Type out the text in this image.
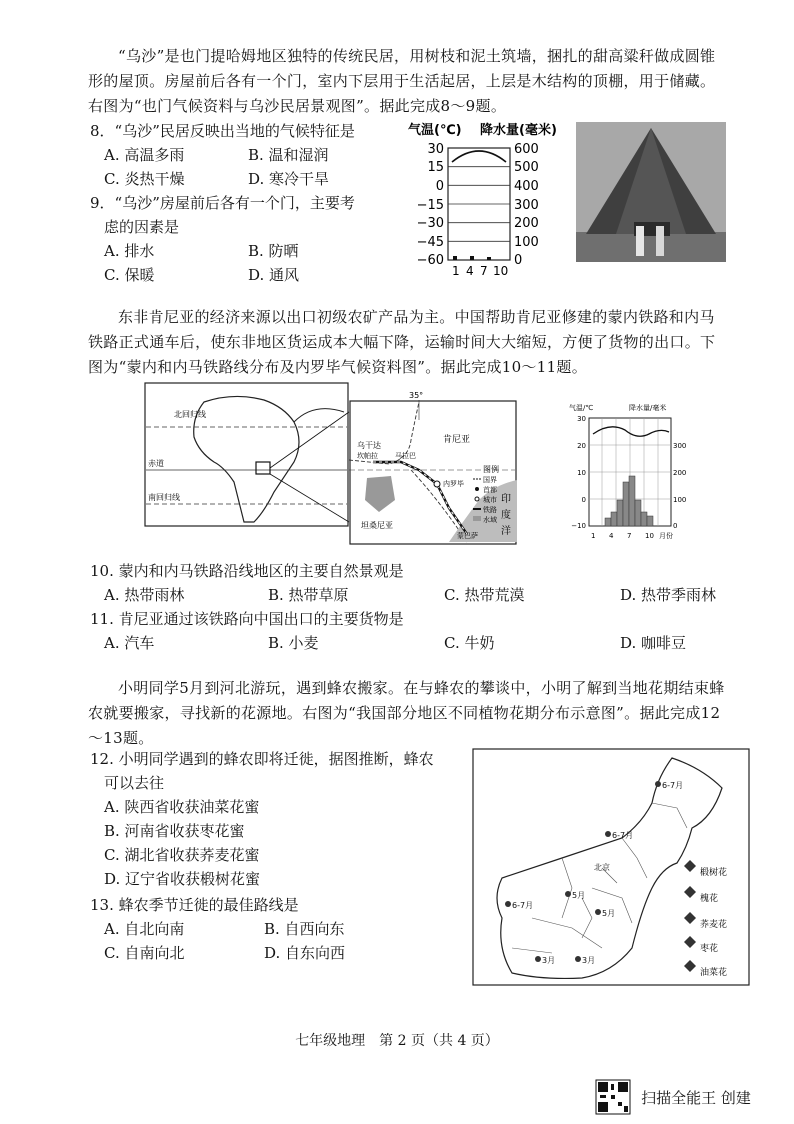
“乌沙”是也门提哈姆地区独特的传统民居，用树枝和泥土筑墙，捆扎的甜高粱秆做成圆锥形的屋顶。房屋前后各有一个门，室内下层用于生活起居，上层是木结构的顶棚，用于储藏。右图为“也门气候资料与乌沙民居景观图”。据此完成8～9题。
8．“乌沙”民居反映出当地的气候特征是
A. 高温多雨	B. 温和湿润
C. 炎热干燥	D. 寒冷干旱
9．“乌沙”房屋前后各有一个门，主要考
虑的因素是
A. 排水	B. 防晒
C. 保暖	D. 通风
气温(℃) 降水量(毫米)
30
15
0
−15
−30
−45
−60
600
500
400
300
200
100
0
1 4 7 10
东非肯尼亚的经济来源以出口初级农矿产品为主。中国帮助肯尼亚修建的蒙内铁路和内马铁路正式通车后，使东非地区货运成本大幅下降，运输时间大大缩短，方便了货物的出口。下图为“蒙内和内马铁路线分布及内罗毕气候资料图”。据此完成10～11题。
北回归线
赤道
南回归线
35°
肯尼亚
乌干达
坎帕拉 马拉巴
内罗毕
坦桑尼亚
蒙巴萨
印
度
洋
图例
国界
首都
城市
铁路
水域
气温/℃	降水量/毫米
30
20
10
0
−10
300
200
100
0
1 4 7 10 月份
10. 蒙内和内马铁路沿线地区的主要自然景观是
A. 热带雨林	B. 热带草原	C. 热带荒漠	D. 热带季雨林
11. 肯尼亚通过该铁路向中国出口的主要货物是
A. 汽车	B. 小麦	C. 牛奶	D. 咖啡豆
小明同学5月到河北游玩，遇到蜂农搬家。在与蜂农的攀谈中，小明了解到当地花期结束蜂农就要搬家，寻找新的花源地。右图为“我国部分地区不同植物花期分布示意图”。据此完成12～13题。
12. 小明同学遇到的蜂农即将迁徙，据图推断，蜂农
可以去往
A. 陕西省收获油菜花蜜
B. 河南省收获枣花蜜
C. 湖北省收获荞麦花蜜
D. 辽宁省收获椴树花蜜
13. 蜂农季节迁徙的最佳路线是
A. 自北向南	B. 自西向东
C. 自南向北	D. 自东向西
6-7月
6-7月
北京
5月
6-7月
5月
3月	3月
椴树花
槐花
荞麦花
枣花
油菜花
七年级地理　第 2 页（共 4 页）
扫描全能王 创建
